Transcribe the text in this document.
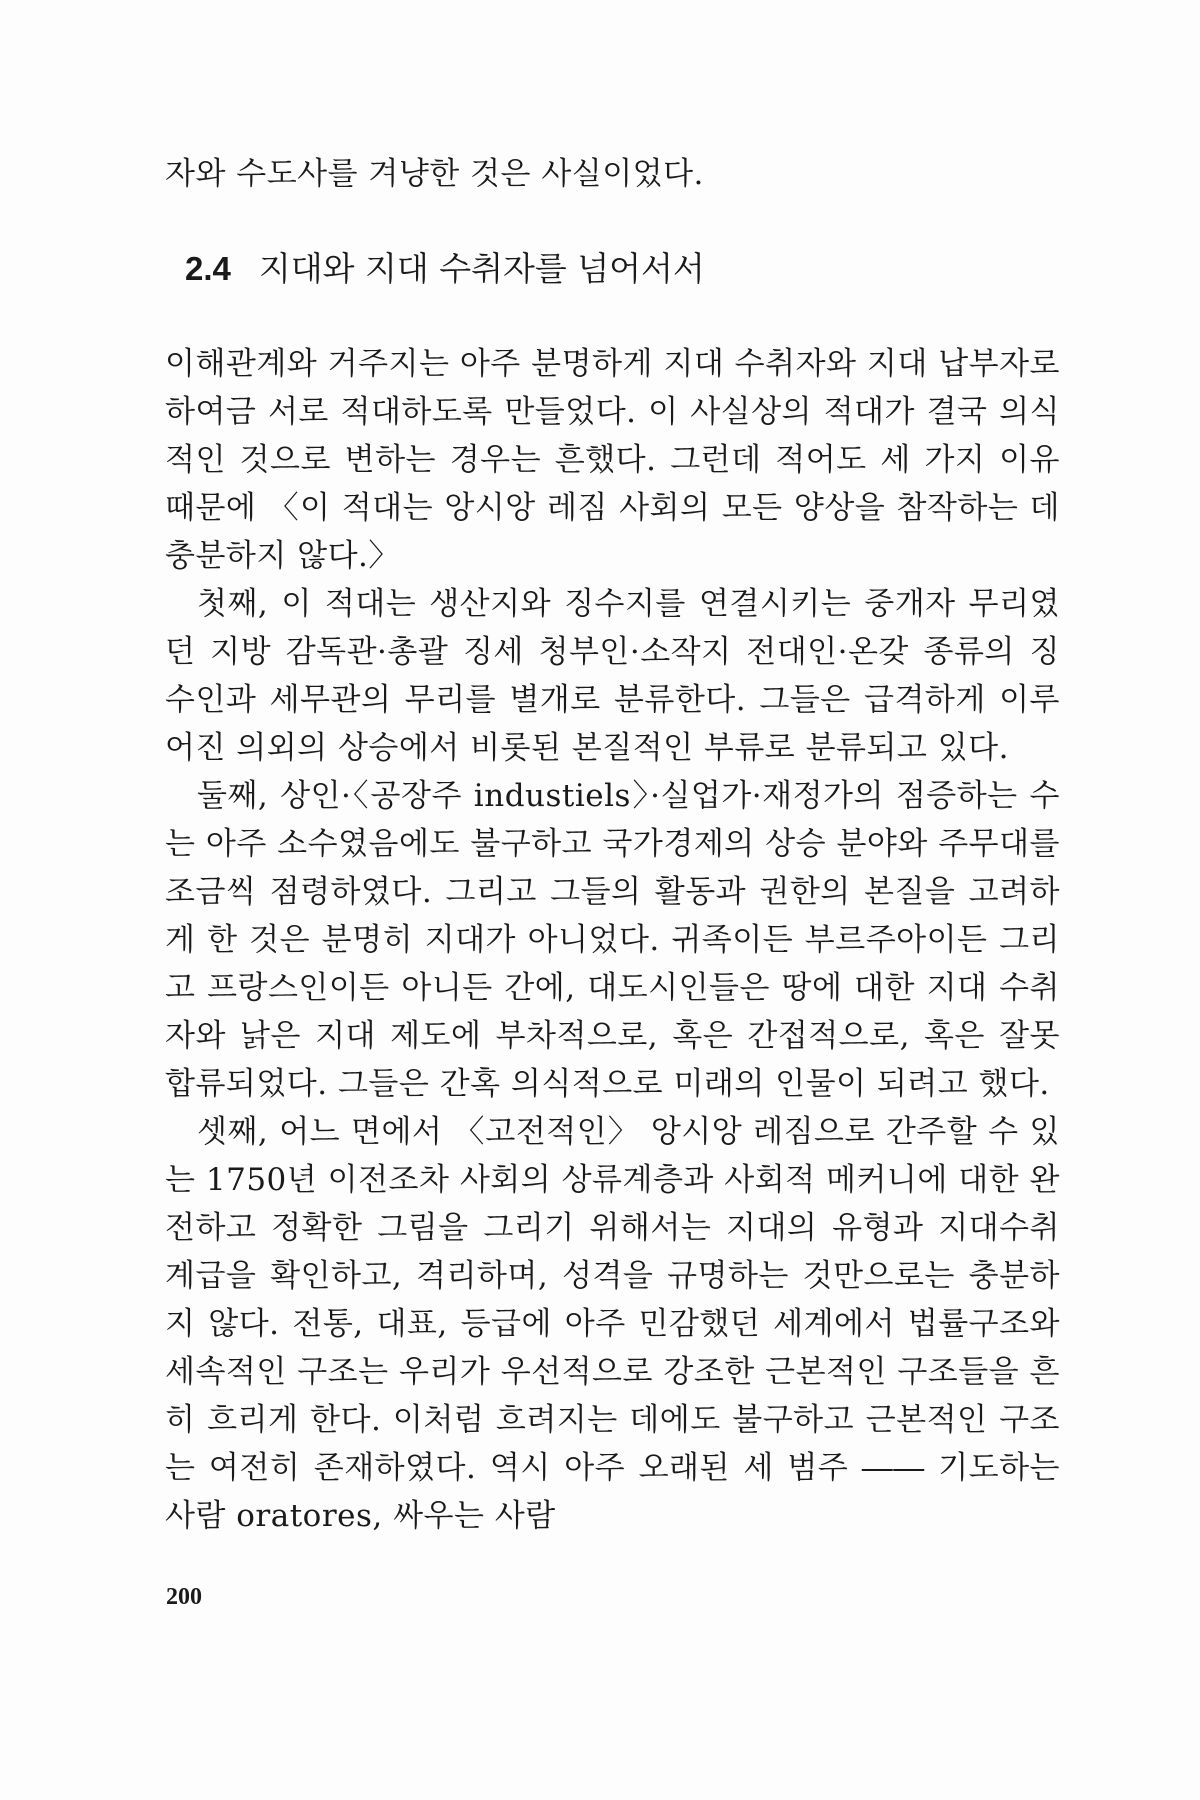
자와 수도사를 겨냥한 것은 사실이었다.
2.4 지대와 지대 수취자를 넘어서서

이해관계와 거주지는 아주 분명하게 지대 수취자와 지대 납부자로 하여금 서로 적대하도록 만들었다. 이 사실상의 적대가 결국 의식적인 것으로 변하는 경우는 흔했다. 그런데 적어도 세 가지 이유 때문에 〈이 적대는 앙시앙 레짐 사회의 모든 양상을 참작하는 데 충분하지 않다.〉

첫째, 이 적대는 생산지와 징수지를 연결시키는 중개자 무리였던 지방 감독관·총괄 징세 청부인·소작지 전대인·온갖 종류의 징수인과 세무관의 무리를 별개로 분류한다. 그들은 급격하게 이루어진 의외의 상승에서 비롯된 본질적인 부류로 분류되고 있다.

둘째, 상인·〈공장주 industiels〉·실업가·재정가의 점증하는 수는 아주 소수였음에도 불구하고 국가경제의 상승 분야와 주무대를 조금씩 점령하였다. 그리고 그들의 활동과 권한의 본질을 고려하게 한 것은 분명히 지대가 아니었다. 귀족이든 부르주아이든 그리고 프랑스인이든 아니든 간에, 대도시인들은 땅에 대한 지대 수취자와 낡은 지대 제도에 부차적으로, 혹은 간접적으로, 혹은 잘못 합류되었다. 그들은 간혹 의식적으로 미래의 인물이 되려고 했다.

셋째, 어느 면에서 〈고전적인〉 앙시앙 레짐으로 간주할 수 있는 1750년 이전조차 사회의 상류계층과 사회적 메커니에 대한 완전하고 정확한 그림을 그리기 위해서는 지대의 유형과 지대수취 계급을 확인하고, 격리하며, 성격을 규명하는 것만으로는 충분하지 않다. 전통, 대표, 등급에 아주 민감했던 세계에서 법률구조와 세속적인 구조는 우리가 우선적으로 강조한 근본적인 구조들을 흔히 흐리게 한다. 이처럼 흐려지는 데에도 불구하고 근본적인 구조는 여전히 존재하였다. 역시 아주 오래된 세 범주 ―― 기도하는 사람 oratores, 싸우는 사람

200
